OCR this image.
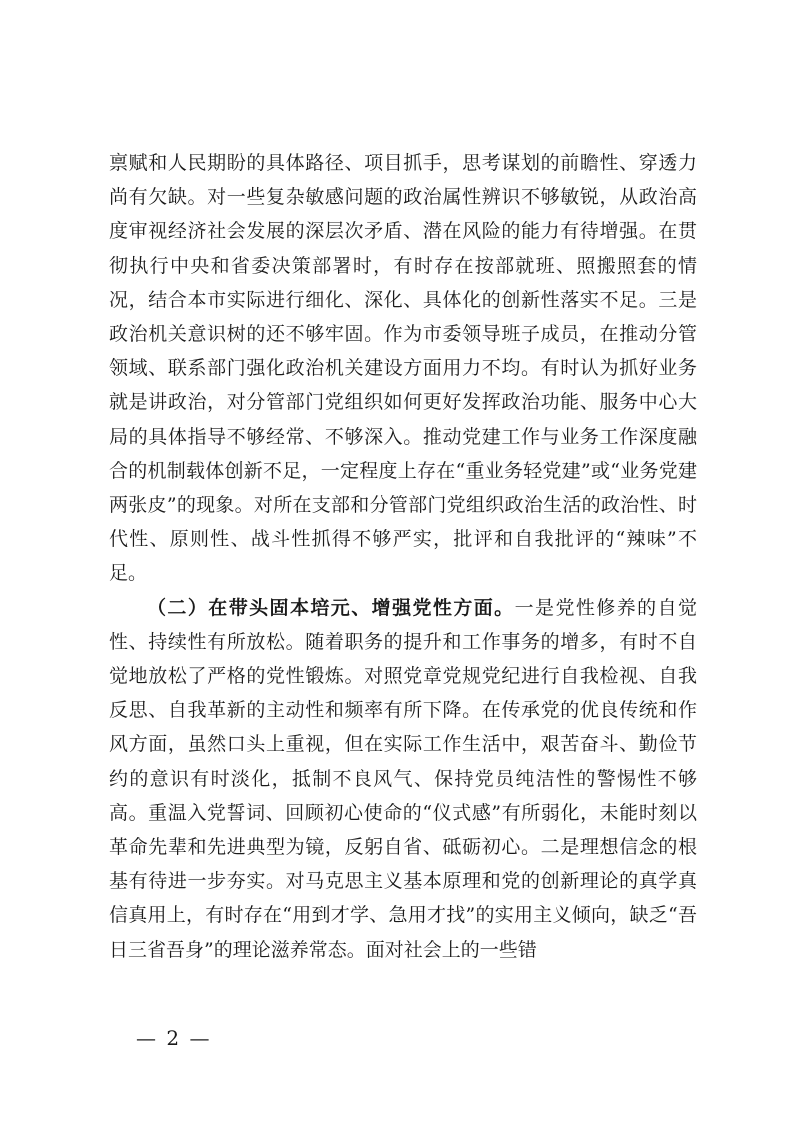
禀赋和人民期盼的具体路径、项目抓手，思考谋划的前瞻性、穿透力尚有欠缺。对一些复杂敏感问题的政治属性辨识不够敏锐，从政治高度审视经济社会发展的深层次矛盾、潜在风险的能力有待增强。在贯彻执行中央和省委决策部署时，有时存在按部就班、照搬照套的情况，结合本市实际进行细化、深化、具体化的创新性落实不足。三是政治机关意识树的还不够牢固。作为市委领导班子成员，在推动分管领域、联系部门强化政治机关建设方面用力不均。有时认为抓好业务就是讲政治，对分管部门党组织如何更好发挥政治功能、服务中心大局的具体指导不够经常、不够深入。推动党建工作与业务工作深度融合的机制载体创新不足，一定程度上存在“重业务轻党建”或“业务党建两张皮”的现象。对所在支部和分管部门党组织政治生活的政治性、时代性、原则性、战斗性抓得不够严实，批评和自我批评的“辣味”不足。

（二）在带头固本培元、增强党性方面。一是党性修养的自觉性、持续性有所放松。随着职务的提升和工作事务的增多，有时不自觉地放松了严格的党性锻炼。对照党章党规党纪进行自我检视、自我反思、自我革新的主动性和频率有所下降。在传承党的优良传统和作风方面，虽然口头上重视，但在实际工作生活中，艰苦奋斗、勤俭节约的意识有时淡化，抵制不良风气、保持党员纯洁性的警惕性不够高。重温入党誓词、回顾初心使命的“仪式感”有所弱化，未能时刻以革命先辈和先进典型为镜，反躬自省、砥砺初心。二是理想信念的根基有待进一步夯实。对马克思主义基本原理和党的创新理论的真学真信真用上，有时存在“用到才学、急用才找”的实用主义倾向，缺乏“吾日三省吾身”的理论滋养常态。面对社会上的一些错

— 2 —
